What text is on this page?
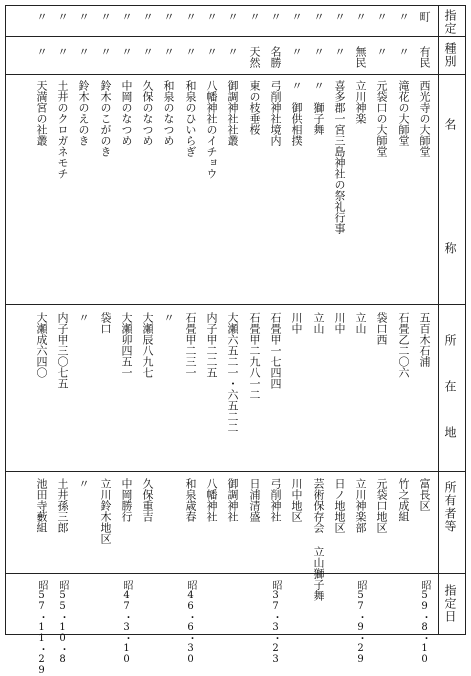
指定
種別
名
称
所
在
地
所有者等
指定日
町
有民
西光寺の大師堂
五百木石浦
富長区
昭59・8・10
〃
〃
滝花の大師堂
石畳乙二〇六
竹之成組
〃
〃
元袋口の大師堂
袋口西
元袋口地区
〃
無民
立川神楽
立山
立川神楽部
昭57・9・29
〃
〃
喜多郡一宮三島神社の祭礼行事
川中
日ノ地地区
〃
〃
〃　獅子舞
立山
芸術保存会 立山獅子舞
〃
〃
〃　御供相撲
川中
川中地区
〃
名勝
弓削神社境内
石畳甲一七四四
弓削神社
昭37・3・23
〃
天然
東の枝垂桜
石畳甲二九八一二
日浦清盛
〃
〃
御調神社社叢
大瀬六五二一・六五二二
御調神社
〃
〃
八幡神社のイチョウ
内子甲二二五
八幡神社
〃
〃
和泉のひいらぎ
石畳甲二三一
和泉歳春
昭46・6・30
〃
〃
和泉のなつめ
〃
〃
〃
久保のなつめ
大瀬辰八九七
久保重吉
〃
〃
中岡のなつめ
大瀬卯四五一
中岡勝行
昭47・3・10
〃
〃
鈴木のこがのき
袋口
立川鈴木地区
〃
〃
鈴木のえのき
〃
〃
〃
〃
土井のクロガネモチ
内子甲三〇七五
土井孫三郎
昭55・10・8
〃
〃
天満宮の社叢
大瀬成六四〇
池田寺藪組
昭57・11・29
